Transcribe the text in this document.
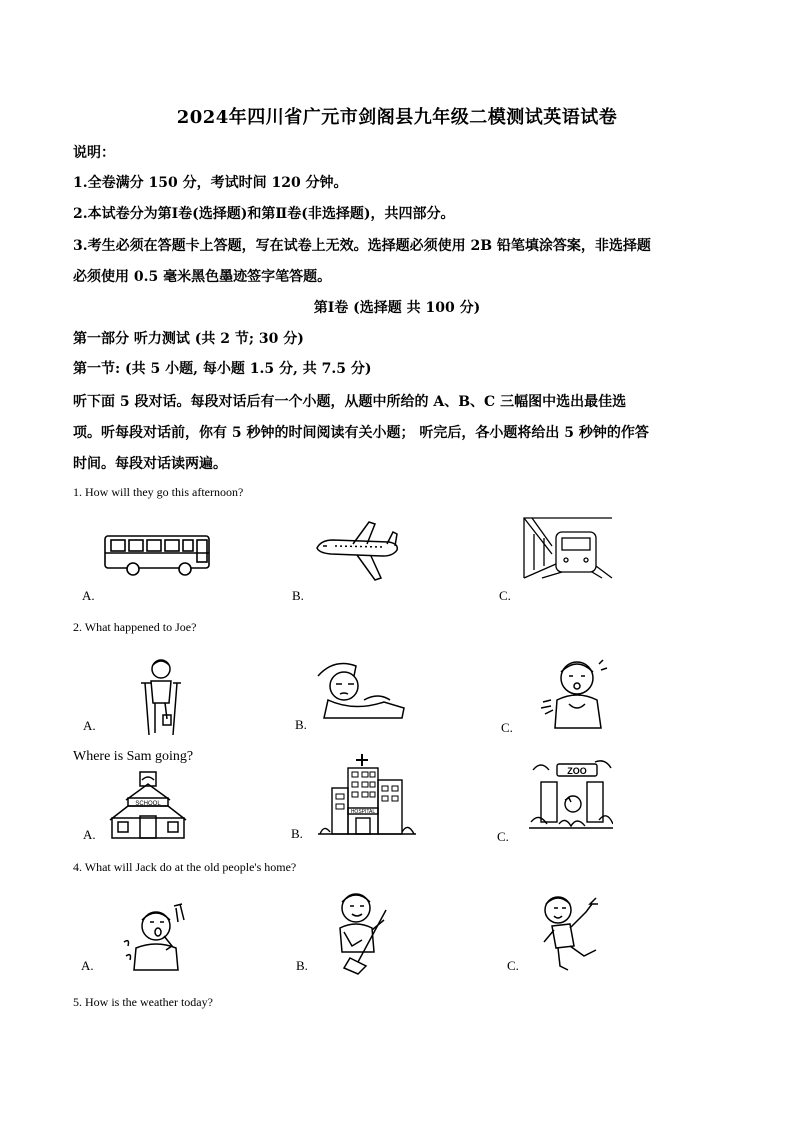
2024年四川省广元市剑阁县九年级二模测试英语试卷
说明：
1.全卷满分 150 分，考试时间 120 分钟。
2.本试卷分为第Ⅰ卷(选择题)和第Ⅱ卷(非选择题)，共四部分。
3.考生必须在答题卡上答题，写在试卷上无效。选择题必须使用 2B 铅笔填涂答案，非选择题
必须使用 0.5 毫米黑色墨迹签字笔答题。
第Ⅰ卷 (选择题 共 100 分)
第一部分 听力测试 (共 2 节; 30 分)
第一节: (共 5 小题, 每小题 1.5 分, 共 7.5 分)
听下面 5 段对话。每段对话后有一个小题，从题中所给的 A、B、C 三幅图中选出最佳选
项。听每段对话前，你有 5 秒钟的时间阅读有关小题； 听完后，各小题将给出 5 秒钟的作答
时间。每段对话读两遍。
1. How will they go this afternoon?
A.	B.	C.
2. What happened to Joe?
A.	B.	C.
Where is Sam going?
SCHOOL
A.
HOSPITAL
B.
ZOO
C.
4. What will Jack do at the old people's home?
A.	B.	C.
5. How is the weather today?
